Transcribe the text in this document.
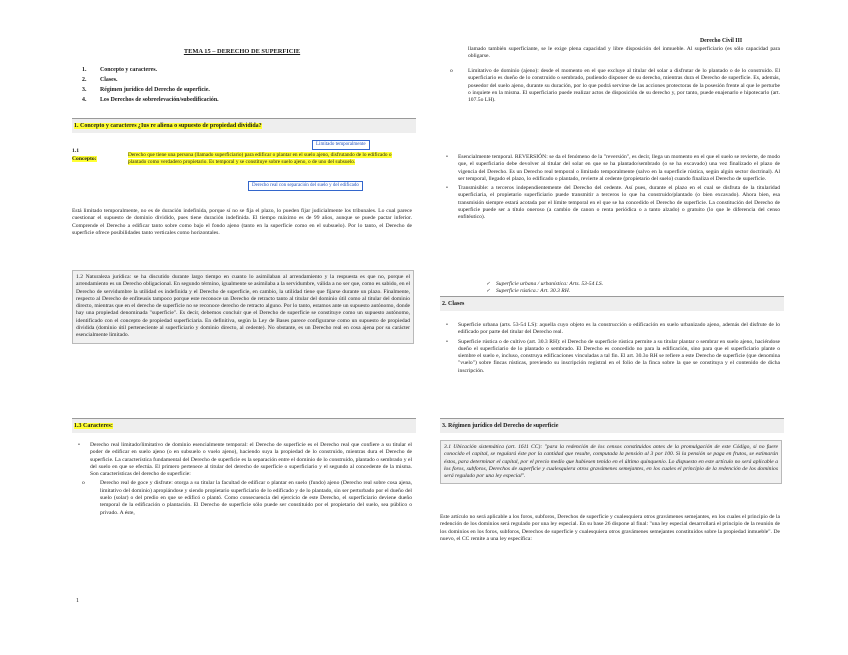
Derecho Civil III
TEMA 15 – DERECHO DE SUPERFICIE
1. Concepto y caracteres.
2. Clases.
3. Régimen jurídico del Derecho de superficie.
4. Los Derechos de sobreelevación/subedificación.
1. Concepto y caracteres ¿Ius re aliena o supuesto de propiedad dividida?
Limitado temporalmente
1.1
Concepto:
Derecho que tiene una persona (llamado superficiario) para edificar o plantar en el suelo ajeno, disfrutando de lo edificado o plantado como verdadero propietario. Es temporal y se constituye sobre suelo ajeno, o de uno del subsuelo.
Derecho real con separación del suelo y del edificado

Está limitado temporalmente, no es de duración indefinida, porque sí no se fija el plazo, lo pueden fijar judicialmente los tribunales. Lo cual parece cuestionar el supuesto de dominio dividido, pues tiene duración indefinida. El tiempo máximo es de 99 años, aunque se puede pactar inferior. Comprende el Derecho a edificar tanto sobre como bajo el fondo ajeno (tanto en la superficie como en el subsuelo). Por lo tanto, el Derecho de superficie ofrece posibilidades tanto verticales como horizontales.

1.2 Naturaleza jurídica: se ha discutido durante largo tiempo en cuanto lo asimilaban al arrendamiento y la respuesta es que no, porque el arrendamiento es un Derecho obligacional. En segundo término, igualmente se asimilaba a la servidumbre, válida a no ser que, como es sabido, en el Derecho de servidumbre la utilidad es indefinida y el Derecho de superficie, en cambio, la utilidad tiene que fijarse durante un plazo. Finalmente, respecto al Derecho de enfiteusis tampoco porque este reconoce un Derecho de retracto tanto al titular del dominio útil como al titular del dominio directo, mientras que en el derecho de superficie no se reconoce derecho de retracto alguno. Por lo tanto, estamos ante un supuesto autónomo, donde hay una propiedad denominada "superficie". Es decir, debemos concluir que el Derecho de superficie se constituye como un supuesto autónomo, identificado con el concepto de propiedad superficiaria. En definitiva, según la Ley de Bases parece configurarse como un supuesto de propiedad dividida (dominio útil perteneciente al superficiario y dominio directo, al cedente). No obstante, es un Derecho real en cosa ajena por su carácter esencialmente limitado.

1.3 Caracteres:

• Derecho real limitado/limitativo de dominio esencialmente temporal: el Derecho de superficie es el Derecho real que confiere a su titular el poder de edificar en suelo ajeno (o en subsuelo o vuelo ajeno), haciendo suya la propiedad de lo construido, mientras dura el Derecho de superficie. La característica fundamental del Derecho de superficie es la separación entre el dominio de lo construido, plantado o sembrado y el del suelo en que se efectúa. El primero pertenece al titular del derecho de superficie o superficiario y el segundo al concedente de la misma. Son características del derecho de superficie:

o Derecho real de goce y disfrute: otorga a su titular la facultad de edificar o plantar en suelo (fundo) ajeno (Derecho real sobre cosa ajena, limitativo del dominio) apropiándose y siendo propietario superficiario de lo edificado y de lo plantado, sin ser perturbado por el dueño del suelo (solar) o del predio en que se edificó o plantó. Como consecuencia del ejercicio de este Derecho, el superficiario deviene dueño temporal de la edificación o plantación. El Derecho de superficie sólo puede ser constituido por el propietario del suelo, sea público o privado. A éste,

1

llamado también superficiante, se le exige plena capacidad y libre disposición del inmueble. Al superficiario (es sólo capacidad para obligarse.

o Limitativo de dominio (ajeno): desde el momento en el que excluye al titular del solar a disfrutar de lo plantado o de lo construido. El superficiario es dueño de lo construido o sembrado, pudiendo disponer de su derecho, mientras dura el Derecho de superficie. Es, además, poseedor del suelo ajeno, durante su duración, por lo que podrá servirse de las acciones protectoras de la posesión frente al que le perturbe o inquiete en la misma. El superficiario puede realizar actos de disposición de su derecho y, por tanto, puede enajenarlo e hipotecarlo (art. 107.5o LH).

• Esencialmente temporal. REVERSIÓN: se da el fenómeno de la "reversión", es decir, llega un momento en el que el suelo se revierte, de modo que, el superficiario debe devolver al titular del solar en que se ha plantado/sembrado (o se ha excavado) una vez finalizado el plazo de vigencia del Derecho. Es un Derecho real temporal o limitado temporalmente (salvo en la superficie rústica, según algún sector doctrinal). Al ser temporal, llegado el plazo, lo edificado o plantado, revierte al cedente (propietario del suelo) cuando finaliza el Derecho de superficie.

• Transmisible: a terceros independientemente del Derecho del cedente. Así pues, durante el plazo en el cual se disfruta de la titularidad superficiaria, el propietario superficiario puede transmitir a terceros lo que ha construido/plantado (o bien excavado). Ahora bien, esa transmisión siempre estará acotada por el límite temporal en el que se ha concedido el Derecho de superficie. La constitución del Derecho de superficie puede ser a título oneroso (a cambio de canon o renta periódica o a tanto alzado) o gratuito (lo que le diferencia del censo enfitéutico).

✓ Superficie urbana / urbanística: Arts. 53-54 LS.
✓ Superficie rústica.: Art. 30.3 RH.
2. Clases

• Superficie urbana (arts. 53-54 LS): aquella cuyo objeto es la construcción o edificación en suelo urbanizado ajeno, además del disfrute de lo edificado por parte del titular del Derecho real.

• Superficie rústica o de cultivo (art. 30.3 RH): el Derecho de superficie rústica permite a su titular plantar o sembrar en suelo ajeno, haciéndose dueño el superficiario de lo plantado o sembrado. El Derecho es concedido no para la edificación, sino para que el superficiario plante o siembre el suelo e, incluso, construya edificaciones vinculadas a tal fin. El art. 30.3o RH se refiere a este Derecho de superficie (que denomina "vuelo") sobre fincas rústicas, previendo su inscripción registral en el folio de la finca sobre la que se constituya y el contenido de dicha inscripción.

3. Régimen jurídico del Derecho de superficie

3.1 Ubicación sistemática (art. 1611 CC): "para la redención de los censos constituidos antes de la promulgación de este Código, si no fuere conocido el capital, se regulará éste por la cantidad que resulte, computada la pensión al 3 por 100. Si la pensión se paga en frutos, se estimarán éstos, para determinar el capital, por el precio medio que hubiesen tenido en el último quinquenio. Lo dispuesto en este artículo no será aplicable a los foros, subforos, Derechos de superficie y cualesquiera otros gravámenes semejantes, en los cuales el principio de la redención de los dominios será regulado por una ley especial".

Este artículo no será aplicable a los foros, subforos, Derechos de superficie y cualesquiera otros gravámenes semejantes, en los cuales el principio de la redención de los dominios será regulado por una ley especial. En su base 26 dispone al final: "una ley especial desarrollará el principio de la reunión de los dominios en los foros, subforos, Derechos de superficie y cualesquiera otros gravámenes semejantes constituidos sobre la propiedad inmueble". De nuevo, el CC remite a una ley específica:
